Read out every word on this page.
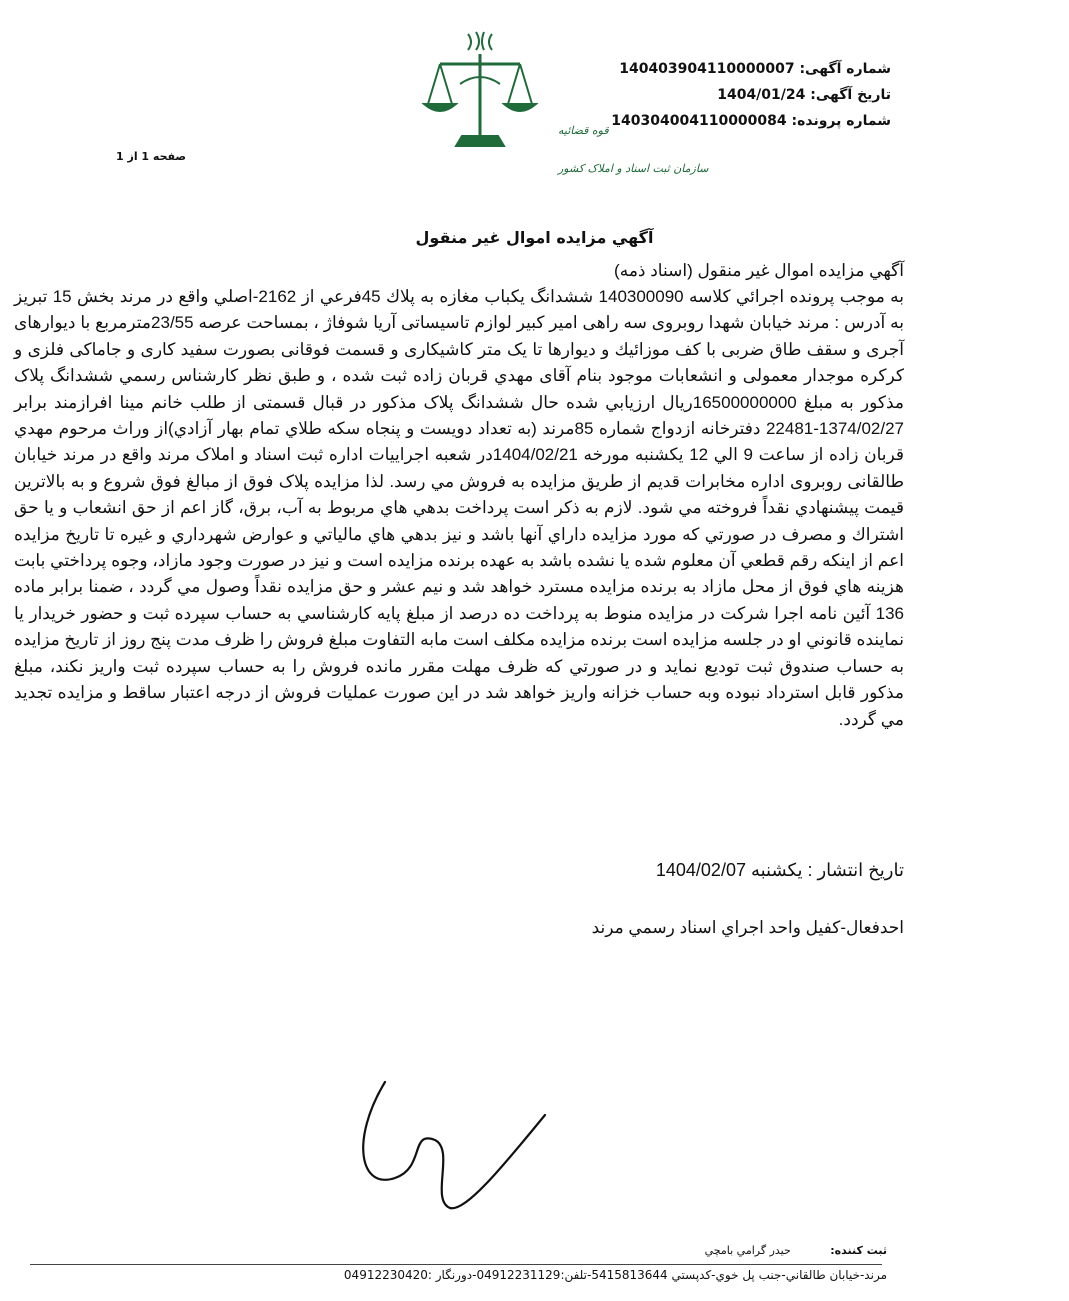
شماره آگهی: 140403904110000007
تاریخ آگهی: 1404/01/24
شماره پرونده: 140304004110000084
قوه قضائیه
سازمان ثبت اسناد و املاک کشور
صفحه 1 از 1
آگهي مزايده اموال غير منقول
آگهي مزايده اموال غير منقول (اسناد ذمه)
به موجب پرونده اجرائي كلاسه 140300090 ششدانگ يكباب مغازه به پلاك 45فرعي از 2162-اصلي واقع در مرند بخش 15 تبريز به آدرس : مرند خيابان شهدا روبروی سه راهی امير كبير لوازم تاسيساتی آريا شوفاژ ، بمساحت عرصه 23/55مترمربع با ديوارهای آجری و سقف طاق ضربی با كف موزائيك و ديوارها تا يک متر كاشيكاری و قسمت فوقانی بصورت سفيد كاری و جاماكی فلزی و كركره موجدار معمولی و انشعابات موجود بنام آقای مهدي قربان زاده ثبت شده ، و طبق نظر كارشناس رسمي ششدانگ پلاک مذكور به مبلغ 16500000000ريال ارزيابي شده حال ششدانگ پلاک مذكور در قبال قسمتی از طلب خانم مينا افرازمند برابر 1374/02/27-22481 دفترخانه ازدواج شماره 85مرند (به تعداد دويست و پنجاه سكه طلاي تمام بهار آزادي)از وراث مرحوم مهدي قربان زاده از ساعت 9 الي 12 يكشنبه مورخه 1404/02/21در شعبه اجراييات اداره ثبت اسناد و املاک مرند واقع در مرند خيابان طالقانی روبروی اداره مخابرات قديم از طريق مزايده به فروش مي رسد. لذا مزايده پلاک فوق از مبالغ فوق شروع و به بالاترين قيمت پيشنهادي نقداً فروخته مي شود. لازم به ذكر است پرداخت بدهي هاي مربوط به آب، برق، گاز اعم از حق انشعاب و يا حق اشتراك و مصرف در صورتي كه مورد مزايده داراي آنها باشد و نيز بدهي هاي مالياتي و عوارض شهرداري و غيره تا تاريخ مزايده اعم از اينكه رقم قطعي آن معلوم شده يا نشده باشد به عهده برنده مزايده است و نيز در صورت وجود مازاد، وجوه پرداختي بابت هزينه هاي فوق از محل مازاد به برنده مزايده مسترد خواهد شد و نيم عشر و حق مزايده نقداً وصول مي گردد ، ضمنا برابر ماده 136 آئين نامه اجرا شركت در مزايده منوط به پرداخت ده درصد از مبلغ پايه كارشناسي به حساب سپرده ثبت و حضور خريدار يا نماينده قانوني او در جلسه مزايده است برنده مزايده مكلف است مابه التفاوت مبلغ فروش را ظرف مدت پنج روز از تاريخ مزايده به حساب صندوق ثبت توديع نمايد و در صورتي كه ظرف مهلت مقرر مانده فروش را به حساب سپرده ثبت واريز نكند، مبلغ مذكور قابل استرداد نبوده وبه حساب خزانه واريز خواهد شد در اين صورت عمليات فروش از درجه اعتبار ساقط و مزايده تجديد مي گردد.
تاريخ انتشار : يكشنبه 1404/02/07
احدفعال-كفيل واحد اجراي اسناد رسمي مرند
ثبت كننده: حيدر گرامي بامچي
مرند-خيابان طالقاني-جنب پل خوي-كدپستي 5415813644-تلفن:04912231129-دورنگار :04912230420
